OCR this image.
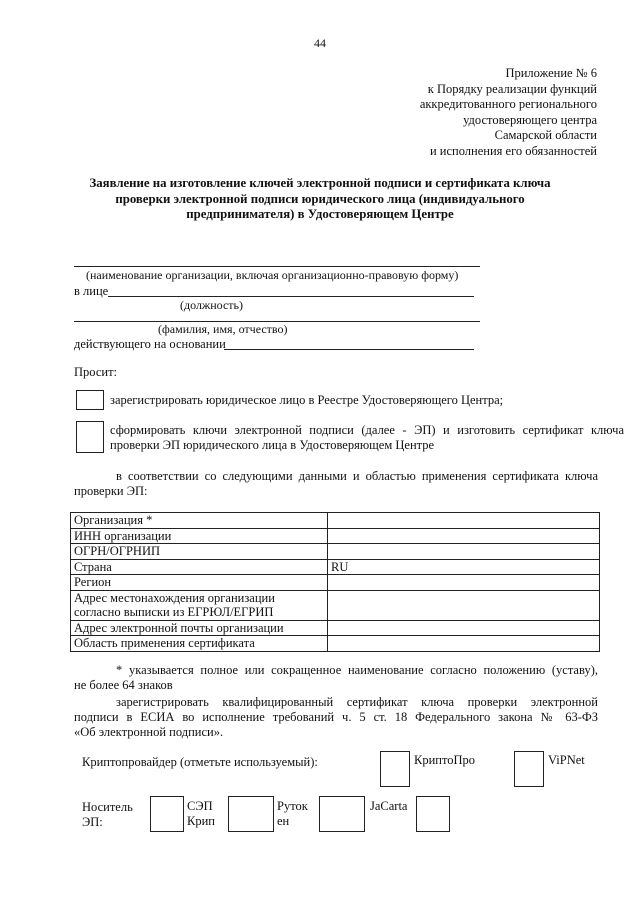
44
Приложение № 6
к Порядку реализации функций
аккредитованного регионального
удостоверяющего центра
Самарской области
и исполнения его обязанностей
Заявление на изготовление ключей электронной подписи и сертификата ключа
проверки электронной подписи юридического лица (индивидуального
предпринимателя) в Удостоверяющем Центре
(наименование организации, включая организационно-правовую форму)
в лице
(должность)
(фамилия, имя, отчество)
действующего на основании
Просит:
зарегистрировать юридическое лицо в Реестре Удостоверяющего Центра;
сформировать ключи электронной подписи (далее - ЭП) и изготовить сертификат ключа
проверки ЭП юридического лица в Удостоверяющем Центре
в соответствии со следующими данными и областью применения сертификата ключа
проверки ЭП:
Организация *	
ИНН организации	
ОГРН/ОГРНИП	
Страна	RU
Регион	

Адрес местонахождения организации
согласно выписки из ЕГРЮЛ/ЕГРИП	

Адрес электронной почты организации	
Область применения сертификата	
* указывается полное или сокращенное наименование согласно положению (уставу),
не более 64 знаков
зарегистрировать квалифицированный сертификат ключа проверки электронной
подписи в ЕСИА во исполнение требований ч. 5 ст. 18 Федерального закона № 63-ФЗ
«Об электронной подписи».
Криптопровайдер (отметьте используемый):	КриптоПро	ViPNet
Носитель
ЭП:
СЭП
Крип
Руток
ен
JaCarta
